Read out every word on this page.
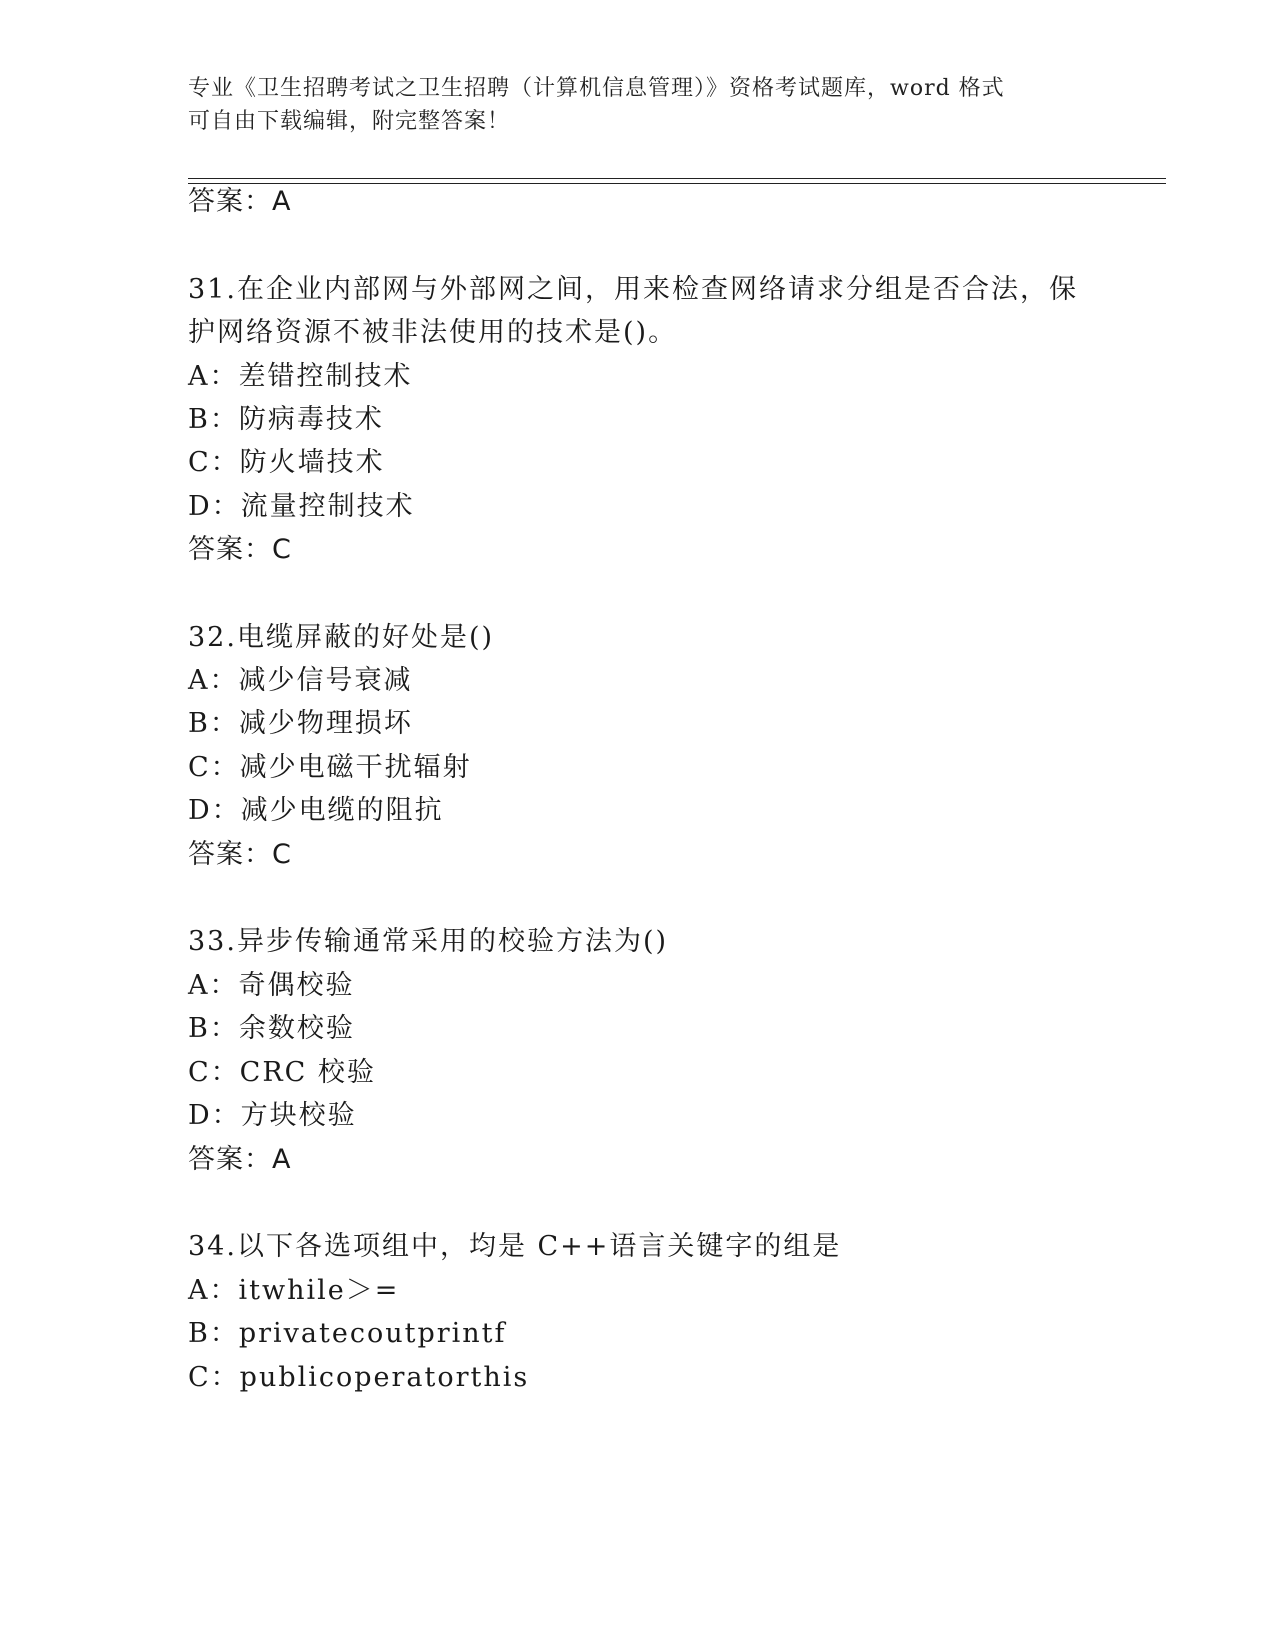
专业《卫生招聘考试之卫生招聘（计算机信息管理）》资格考试题库，word 格式
可自由下载编辑，附完整答案！
答案：A
31.在企业内部网与外部网之间，用来检查网络请求分组是否合法，保
护网络资源不被非法使用的技术是()。
A：差错控制技术
B：防病毒技术
C：防火墙技术
D：流量控制技术
答案：C
32.电缆屏蔽的好处是()
A：减少信号衰减
B：减少物理损坏
C：减少电磁干扰辐射
D：减少电缆的阻抗
答案：C
33.异步传输通常采用的校验方法为()
A：奇偶校验
B：余数校验
C：CRC 校验
D：方块校验
答案：A
34.以下各选项组中，均是 C++语言关键字的组是
A：itwhile＞=
B：privatecoutprintf
C：publicoperatorthis
